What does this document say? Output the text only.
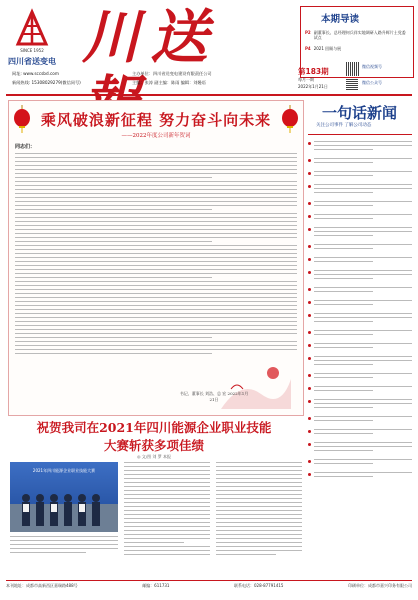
SINCE 1952
四川省送变电 川送	本期导读
P2 副董事长、总经理何兵祥实地调研入路升辉片土党委试点
P4 2021 回顾与展
网址: www.sccsbd.com
新闻热线: 15308029279(微信同号)
主办单位：四川省送变电建设有限责任公司
主编：张涛 副主编：陈雨 编辑：刘嫚语
第183期
每月一期
2022年1月21日
微信视频号
微信公众号
乘风破浪新征程 努力奋斗向未来
——2022年度公司新年贺词
同志们：
书记、董事长 刘浩、总 宏 2022年1月21日
一句话新闻
关注公司事件 了解公司动态
祝贺我司在2021年四川能源企业职业技能
大赛斩获多项佳绩
◎ 文/图 刘 罗 本报
2021年四川能源企业职业技能大赛
本刊地址：成都市高新西区嘉瑞路488号	邮编：611731	联系电话：028-87791415	印刷单位：成都市嘉兴印务有限公司
